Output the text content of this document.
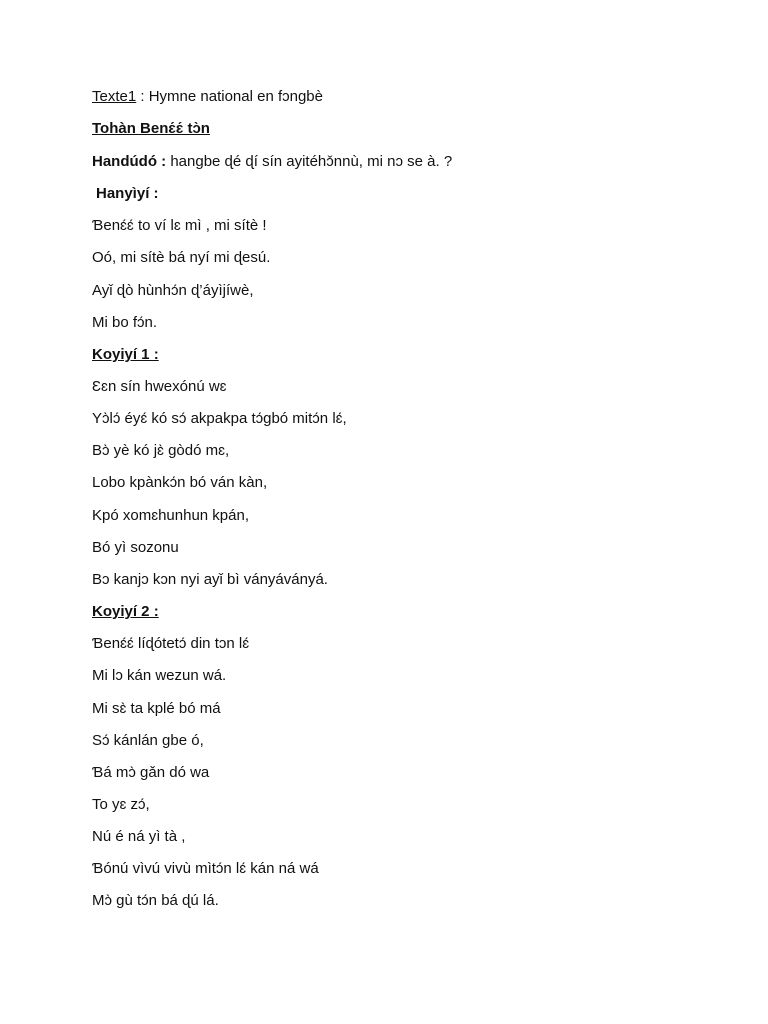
Texte1 : Hymne national en fɔngbè
Tohàn Benɛ́ɛ́ tɔ̀n
Handúdó : hangbe ɖé ɖí sín ayitéhɔ̌nnù, mi nɔ se à. ?
Hanyìyí :
Ɓenɛ́ɛ́ to ví lɛ mì , mi sítè !
Oó, mi sítè bá nyí mi ɖesú.
Ayǐ ɖò hùnhɔ́n ɖ’áyìjíwè,
Mi bo fɔ́n.
Koyiyí 1 :
Ɛɛn sín hwexónú wɛ
Yɔ̀lɔ́ éyɛ́ kó sɔ́ akpakpa tɔ́gbó mitɔ́n lɛ́,
Bɔ̀ yè kó jɛ̀ gòdó mɛ,
Lobo kpànkɔ́n bó ván kàn,
Kpó xomɛhunhun kpán,
Bó yì sozonu
Bɔ kanjɔ kɔn nyi ayǐ bì ványáványá.
Koyiyí 2 :
Ɓenɛ́ɛ́ líɖótetɔ́ din tɔn lɛ́
Mi lɔ kán wezun wá.
Mi sɛ̀ ta kplé bó má
Sɔ́ kánlán gbe ó,
Ɓá mɔ̀ gǎn dó wa
To yɛ zɔ́,
Nú é ná yì tà ,
Ɓónú vìvú vivù mìtɔ́n lɛ́ kán ná wá
Mɔ̀ gù tɔ́n bá ɖú lá.
